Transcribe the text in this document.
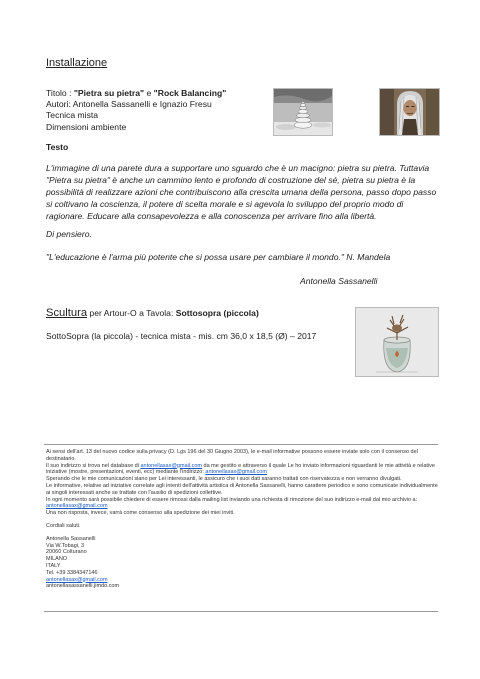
Installazione
Titolo : "Pietra su pietra" e "Rock Balancing"
Autori: Antonella Sassanelli e Ignazio Fresu
Tecnica mista
Dimensioni ambiente
Testo
L'immagine di una parete dura a supportare uno sguardo che è un macigno: pietra su pietra. Tuttavia "Pietra su pietra" è anche un cammino lento e profondo di costruzione del sé, pietra su pietra è la possibilità di realizzare azioni che contribuiscono alla crescita umana della persona, passo dopo passo si coltivano la coscienza, il potere di scelta morale e si agevola lo sviluppo del proprio modo di ragionare. Educare alla consapevolezza e alla conoscenza per arrivare fino alla libertà.
Di pensiero.
"L'educazione è l'arma più potente che si possa usare per cambiare il mondo." N. Mandela
Antonella Sassanelli
Scultura per Artour-O a Tavola: Sottosopra (piccola)
SottoSopra (la piccola) - tecnica mista - mis. cm 36,0 x 18,5 (Ø) – 2017

Ai sensi dell'art. 13 del nuovo codice sulla privacy (D. Lgs 196 del 30 Giugno 2003), le e-mail informative possono essere inviate solo con il consenso del destinatario.

Il suo indirizzo si trova nel database di antonellasax@gmail.com da me gestito e attraverso il quale Le ho inviato informazioni riguardanti le mie attività e relative iniziative (mostre, presentazioni, eventi, ecc) mediante l'indirizzo: antonellasax@gmail.com

Sperando che le mie comunicazioni siano per Lei interessanti, le assicuro che i suoi dati saranno trattati con riservatezza e non verranno divulgati.

Le informative, relative ad iniziative correlate agli intenti dell'attività artistica di Antonella Sassanelli, hanno carattere periodico e sono comunicate individualmente ai singoli interessati anche se trattate con l'ausilio di spedizioni collettive.

In ogni momento sarà possibile chiedere di essere rimossi dalla mailing list inviando una richiesta di rimozione del suo indirizzo e-mail dal mio archivio a: antonellasax@gmail.com

Una non risposta, invece, varrà come consenso alla spedizione dei miei inviti.

Cordiali saluti.

Antonella Sassanelli

Via W.Tobagi, 3

20060 Colturano

MILANO

ITALY

Tel. +39 3384347146

antonellasax@gmail.com

antonellasassanelli.jimdo.com
